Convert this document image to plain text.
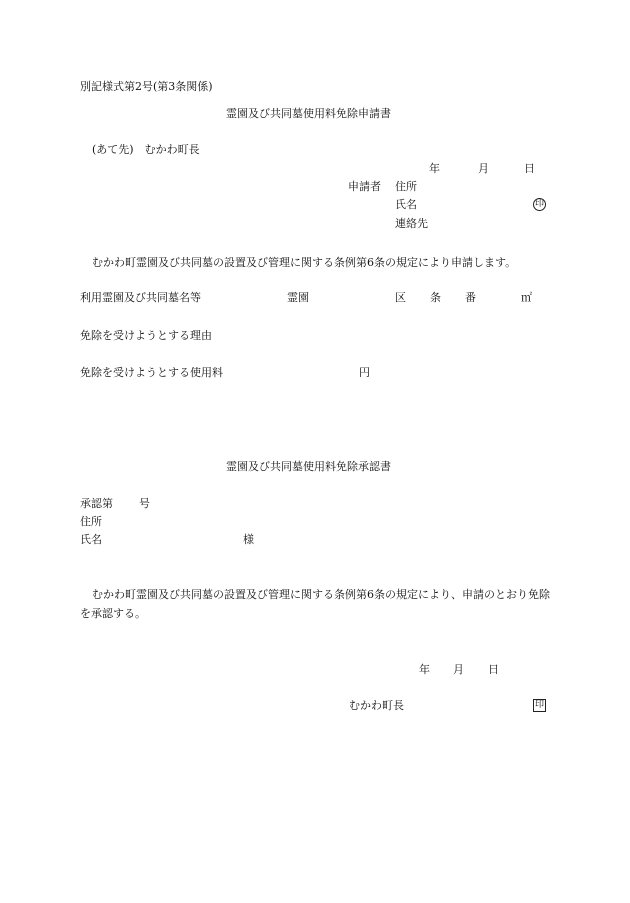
別記様式第2号(第3条関係)
霊園及び共同墓使用料免除申請書
(あて先)　むかわ町長
年	月	日
申請者 住所
氏名	印
連絡先
むかわ町霊園及び共同墓の設置及び管理に関する条例第6条の規定により申請します。
利用霊園及び共同墓名等	霊園	区 条 番	㎡
免除を受けようとする理由
免除を受けようとする使用料	円
霊園及び共同墓使用料免除承認書
承認第 号
住所
氏名	様
むかわ町霊園及び共同墓の設置及び管理に関する条例第6条の規定により、申請のとおり免除を承認する。
年 月 日
むかわ町長	印
